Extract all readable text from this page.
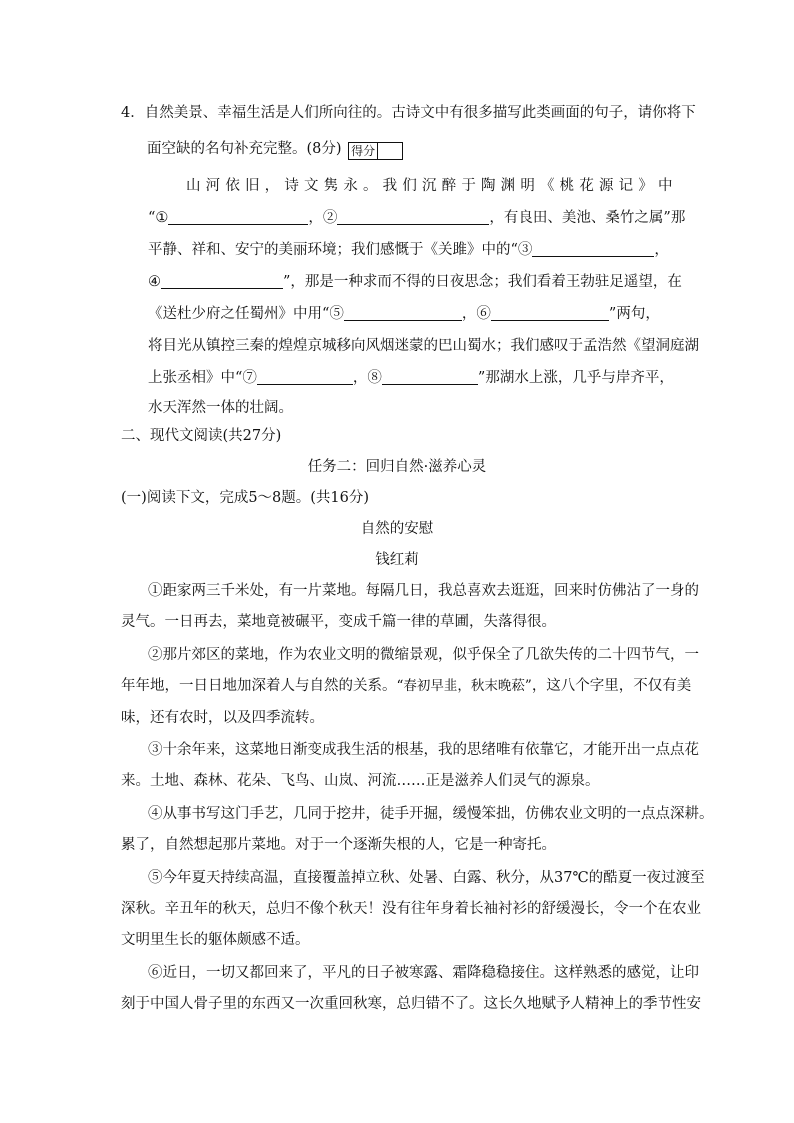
4．自然美景、幸福生活是人们所向往的。古诗文中有很多描写此类画面的句子，请你将下
面空缺的名句补充完整。(8分) 得分
山河依旧，诗文隽永。我们沉醉于陶渊明《桃花源记》中
“①	，②	，有良田、美池、桑竹之属”那
平静、祥和、安宁的美丽环境；我们感慨于《关雎》中的“③	，
④	”，那是一种求而不得的日夜思念；我们看着王勃驻足遥望，在
《送杜少府之任蜀州》中用“⑤	，⑥	”两句，
将目光从镇控三秦的煌煌京城移向风烟迷蒙的巴山蜀水；我们感叹于孟浩然《望洞庭湖
上张丞相》中“⑦	，⑧	”那湖水上涨，几乎与岸齐平，
水天浑然一体的壮阔。
二、现代文阅读(共27分)
任务二：回归自然·滋养心灵
(一)阅读下文，完成5～8题。(共16分)
自然的安慰
钱红莉
①距家两三千米处，有一片菜地。每隔几日，我总喜欢去逛逛，回来时仿佛沾了一身的
灵气。一日再去，菜地竟被碾平，变成千篇一律的草圃，失落得很。
②那片郊区的菜地，作为农业文明的微缩景观，似乎保全了几欲失传的二十四节气，一
年年地，一日日地加深着人与自然的关系。“春初早韭，秋末晚菘”，这八个字里，不仅有美
味，还有农时，以及四季流转。
③十余年来，这菜地日渐变成我生活的根基，我的思绪唯有依靠它，才能开出一点点花
来。土地、森林、花朵、飞鸟、山岚、河流……正是滋养人们灵气的源泉。
④从事书写这门手艺，几同于挖井，徒手开掘，缓慢笨拙，仿佛农业文明的一点点深耕。
累了，自然想起那片菜地。对于一个逐渐失根的人，它是一种寄托。
⑤今年夏天持续高温，直接覆盖掉立秋、处暑、白露、秋分，从37℃的酷夏一夜过渡至
深秋。辛丑年的秋天，总归不像个秋天！没有往年身着长袖衬衫的舒缓漫长，令一个在农业
文明里生长的躯体颇感不适。
⑥近日，一切又都回来了，平凡的日子被寒露、霜降稳稳接住。这样熟悉的感觉，让印
刻于中国人骨子里的东西又一次重回秋寒，总归错不了。这长久地赋予人精神上的季节性安
